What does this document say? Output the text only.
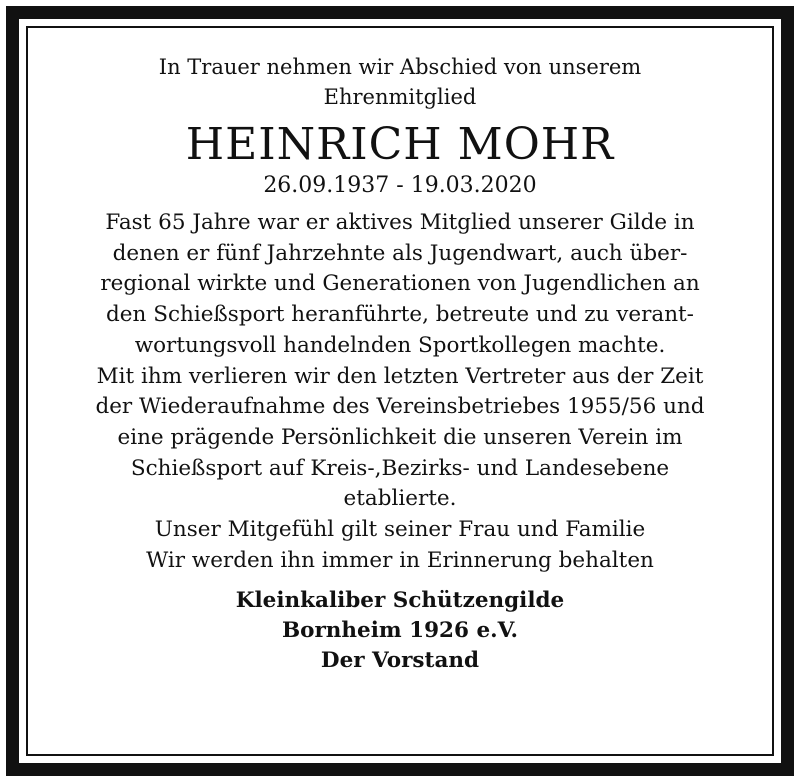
In Trauer nehmen wir Abschied von unserem
Ehrenmitglied
HEINRICH MOHR
26.09.1937 - 19.03.2020
Fast 65 Jahre war er aktives Mitglied unserer Gilde in
denen er fünf Jahrzehnte als Jugendwart, auch über-
regional wirkte und Generationen von Jugendlichen an
den Schießsport heranführte, betreute und zu verant-
wortungsvoll handelnden Sportkollegen machte.
Mit ihm verlieren wir den letzten Vertreter aus der Zeit
der Wiederaufnahme des Vereinsbetriebes 1955/56 und
eine prägende Persönlichkeit die unseren Verein im
Schießsport auf Kreis-,Bezirks- und Landesebene
etablierte.
Unser Mitgefühl gilt seiner Frau und Familie
Wir werden ihn immer in Erinnerung behalten
Kleinkaliber Schützengilde
Bornheim 1926 e.V.
Der Vorstand
